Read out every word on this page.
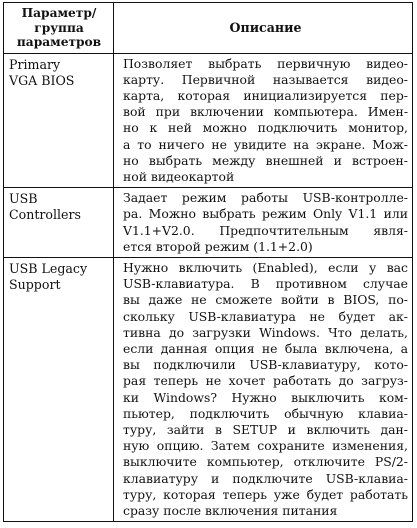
Параметр/
группа
параметров
Описание
Primary
VGA BIOS
Позволяет выбрать первичную видео-
карту. Первичной называется видео-
карта, которая инициализируется пер-
вой при включении компьютера. Имен-
но к ней можно подключить монитор,
а то ничего не увидите на экране. Мож-
но выбрать между внешней и встроен-
ной видеокартой
USB
Controllers
Задает режим работы USB-контролле-
ра. Можно выбрать режим Only V1.1 или
V1.1+V2.0. Предпочтительным явля-
ется второй режим (1.1+2.0)
USB Legacy
Support
Нужно включить (Enabled), если у вас
USB-клавиатура. В противном случае
вы даже не сможете войти в BIOS, по-
скольку USB-клавиатура не будет ак-
тивна до загрузки Windows. Что делать,
если данная опция не была включена, а
вы подключили USB-клавиатуру, кото-
рая теперь не хочет работать до загруз-
ки Windows? Нужно выключить ком-
пьютер, подключить обычную клавиа-
туру, зайти в SETUP и включить дан-
ную опцию. Затем сохраните изменения,
выключите компьютер, отключите PS/2-
клавиатуру и подключите USB-клавиа-
туру, которая теперь уже будет работать
сразу после включения питания
